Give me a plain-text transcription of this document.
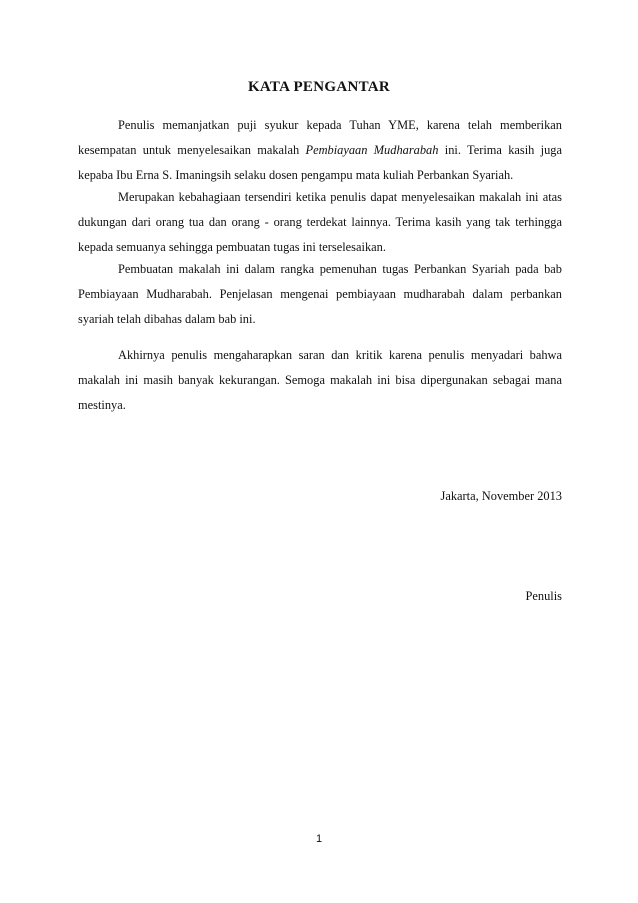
KATA PENGANTAR

Penulis memanjatkan puji syukur kepada Tuhan YME, karena telah memberikan kesempatan untuk menyelesaikan makalah Pembiayaan Mudharabah ini. Terima kasih juga kepaba Ibu Erna S. Imaningsih selaku dosen pengampu mata kuliah Perbankan Syariah.

Merupakan kebahagiaan tersendiri ketika penulis dapat menyelesaikan makalah ini atas dukungan dari orang tua dan orang - orang terdekat lainnya. Terima kasih yang tak terhingga kepada semuanya sehingga pembuatan tugas ini terselesaikan.

Pembuatan makalah ini dalam rangka pemenuhan tugas Perbankan Syariah pada bab Pembiayaan Mudharabah. Penjelasan mengenai pembiayaan mudharabah dalam perbankan syariah telah dibahas dalam bab ini.

Akhirnya penulis mengaharapkan saran dan kritik karena penulis menyadari bahwa makalah ini masih banyak kekurangan. Semoga makalah ini bisa dipergunakan sebagai mana mestinya.

Jakarta, November 2013
Penulis
1
